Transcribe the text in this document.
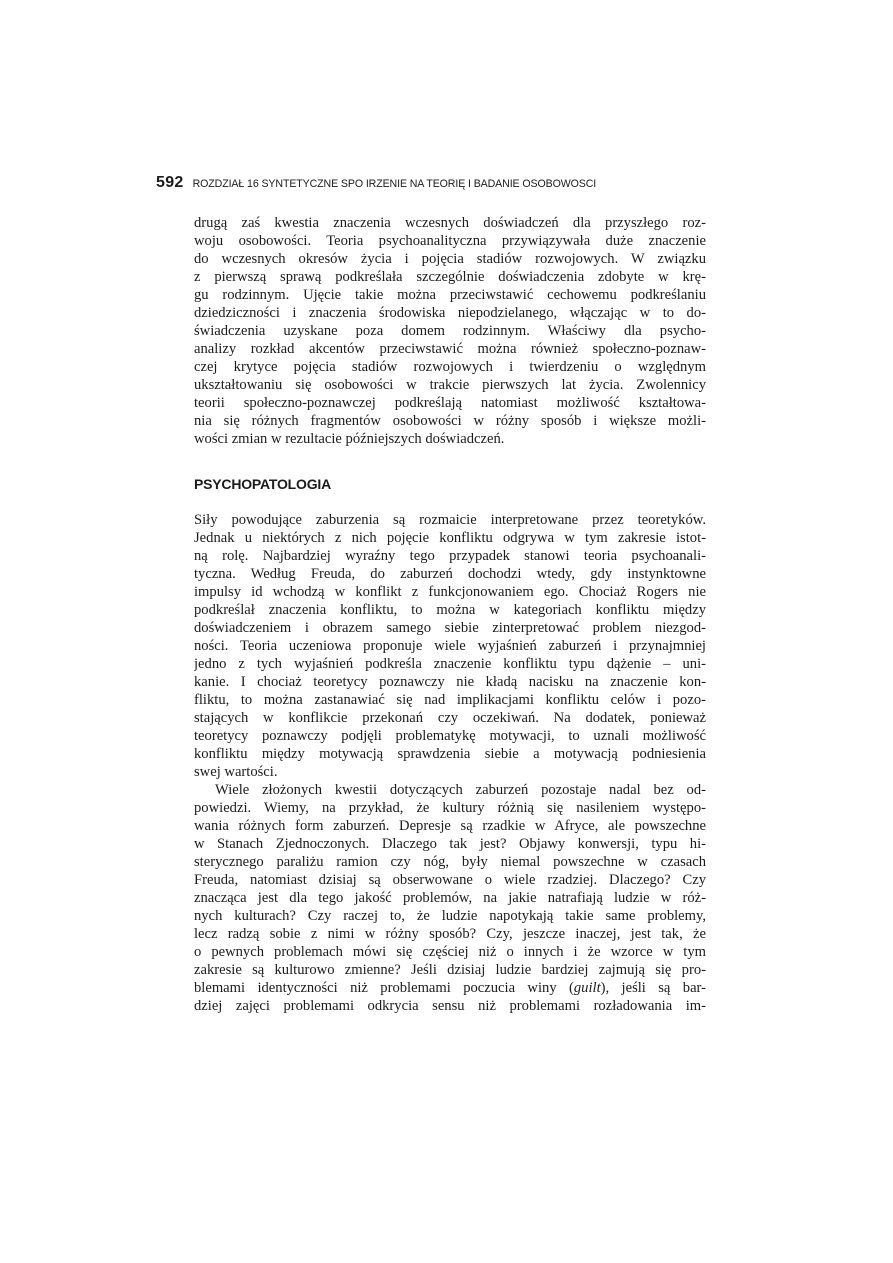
592 ROZDZIAŁ 16 SYNTETYCZNE SPO IRZENIE NA TEORIĘ I BADANIE OSOBOWOSCI
drugą zaś kwestia znaczenia wczesnych doświadczeń dla przyszłego roz-
woju osobowości. Teoria psychoanalityczna przywiązywała duże znaczenie
do wczesnych okresów życia i pojęcia stadiów rozwojowych. W związku
z pierwszą sprawą podkreślała szczególnie doświadczenia zdobyte w krę-
gu rodzinnym. Ujęcie takie można przeciwstawić cechowemu podkreślaniu
dziedziczności i znaczenia środowiska niepodzielanego, włączając w to do-
świadczenia uzyskane poza domem rodzinnym. Właściwy dla psycho-
analizy rozkład akcentów przeciwstawić można również społeczno-poznaw-
czej krytyce pojęcia stadiów rozwojowych i twierdzeniu o względnym
ukształtowaniu się osobowości w trakcie pierwszych lat życia. Zwolennicy
teorii społeczno-poznawczej podkreślają natomiast możliwość kształtowa-
nia się różnych fragmentów osobowości w różny sposób i większe możli-
wości zmian w rezultacie późniejszych doświadczeń.
PSYCHOPATOLOGIA
Siły powodujące zaburzenia są rozmaicie interpretowane przez teoretyków.
Jednak u niektórych z nich pojęcie konfliktu odgrywa w tym zakresie istot-
ną rolę. Najbardziej wyraźny tego przypadek stanowi teoria psychoanali-
tyczna. Według Freuda, do zaburzeń dochodzi wtedy, gdy instynktowne
impulsy id wchodzą w konflikt z funkcjonowaniem ego. Chociaż Rogers nie
podkreślał znaczenia konfliktu, to można w kategoriach konfliktu między
doświadczeniem i obrazem samego siebie zinterpretować problem niezgod-
ności. Teoria uczeniowa proponuje wiele wyjaśnień zaburzeń i przynajmniej
jedno z tych wyjaśnień podkreśla znaczenie konfliktu typu dążenie – uni-
kanie. I chociaż teoretycy poznawczy nie kładą nacisku na znaczenie kon-
fliktu, to można zastanawiać się nad implikacjami konfliktu celów i pozo-
stających w konflikcie przekonań czy oczekiwań. Na dodatek, ponieważ
teoretycy poznawczy podjęli problematykę motywacji, to uznali możliwość
konfliktu między motywacją sprawdzenia siebie a motywacją podniesienia
swej wartości.
Wiele złożonych kwestii dotyczących zaburzeń pozostaje nadal bez od-
powiedzi. Wiemy, na przykład, że kultury różnią się nasileniem występo-
wania różnych form zaburzeń. Depresje są rzadkie w Afryce, ale powszechne
w Stanach Zjednoczonych. Dlaczego tak jest? Objawy konwersji, typu hi-
sterycznego paraliżu ramion czy nóg, były niemal powszechne w czasach
Freuda, natomiast dzisiaj są obserwowane o wiele rzadziej. Dlaczego? Czy
znacząca jest dla tego jakość problemów, na jakie natrafiają ludzie w róż-
nych kulturach? Czy raczej to, że ludzie napotykają takie same problemy,
lecz radzą sobie z nimi w różny sposób? Czy, jeszcze inaczej, jest tak, że
o pewnych problemach mówi się częściej niż o innych i że wzorce w tym
zakresie są kulturowo zmienne? Jeśli dzisiaj ludzie bardziej zajmują się pro-
blemami identyczności niż problemami poczucia winy (guilt), jeśli są bar-
dziej zajęci problemami odkrycia sensu niż problemami rozładowania im-
